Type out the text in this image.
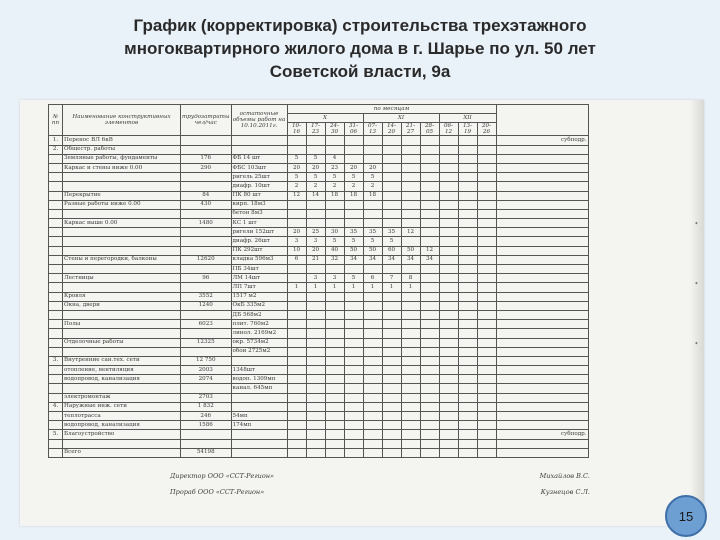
График (корректировка) строительства трехэтажного
многоквартирного жилого дома в г. Шарье по ул. 50 лет
Советской власти, 9а
№ пп	Наименование конструктивных элементов	трудозатраты чел/час	остаточные объемы работ на 10.10.2011г.	по месяцам											
				X				XI				XII			
				10-16	17-23	24-30	31-06	07-13	14-20	21-27	28-05	06-12	13-19	20-26	
1.	Перенос ВЛ 6кВ														субподр.
2.	Общестр. работы														
	Земляные работы, фундаменты	176	ФБ 14 шт	5	5	4									
	Каркас и стены ниже 0.00	290	ФБС 103шт	20	20	23	20	20							
			ригель 25шт	5	5	5	5	5							
			диафр. 10шт	2	2	2	2	2							
	Перекрытие	84	ПК 80 шт	12	14	18	18	18							
	Разные работы ниже 0.00	430	кирп. 18м3												
			бетон 8м3												
	Каркас выше 0.00	1480	КС 1 шт												
			ригели 152шт	20	25	30	35	35	35	12					
			диафр. 26шт	3	3	5	5	5	5						
			ПК 292шт	10	20	40	50	50	60	50	12				
	Стены и перегородки, балконы	12620	кладка 596м3	6	21	32	34	34	34	34	34				
			ПБ 34шт												
	Лестницы	96	ЛМ 14шт		3	3	5	6	7	8					
			ЛП 7шт	1	1	1	1	1	1	1					
	Кровля	3552	1517 м2												
	Окна, двери	1240	ОкБ 335м2												
			ДБ 568м2												
	Полы	6023	плит. 760м2												
			линол. 2169м2												
	Отделочные работы	12325	окр. 5734м2												
			обои 2725м2												
3.	Внутренние сан.тех. сети	12 750													
	отопление, вентиляция	2003	1348шт												
	водопровод, канализация	2074	водоп. 1309мп												
			канал. 645мп												
	электромонтаж	2703													
4.	Наружные инж. сети	1 832													
	теплотрасса	246	54мп												
	водопровод, канализация	1586	174мп												
5.	Благоустройство														субподр.

	Всего	54198													
Директор ООО «ССТ-Регион»	Михайлов В.С.
Прораб ООО «ССТ-Регион»	Кузнецов С.Л.
•
•
•
15
